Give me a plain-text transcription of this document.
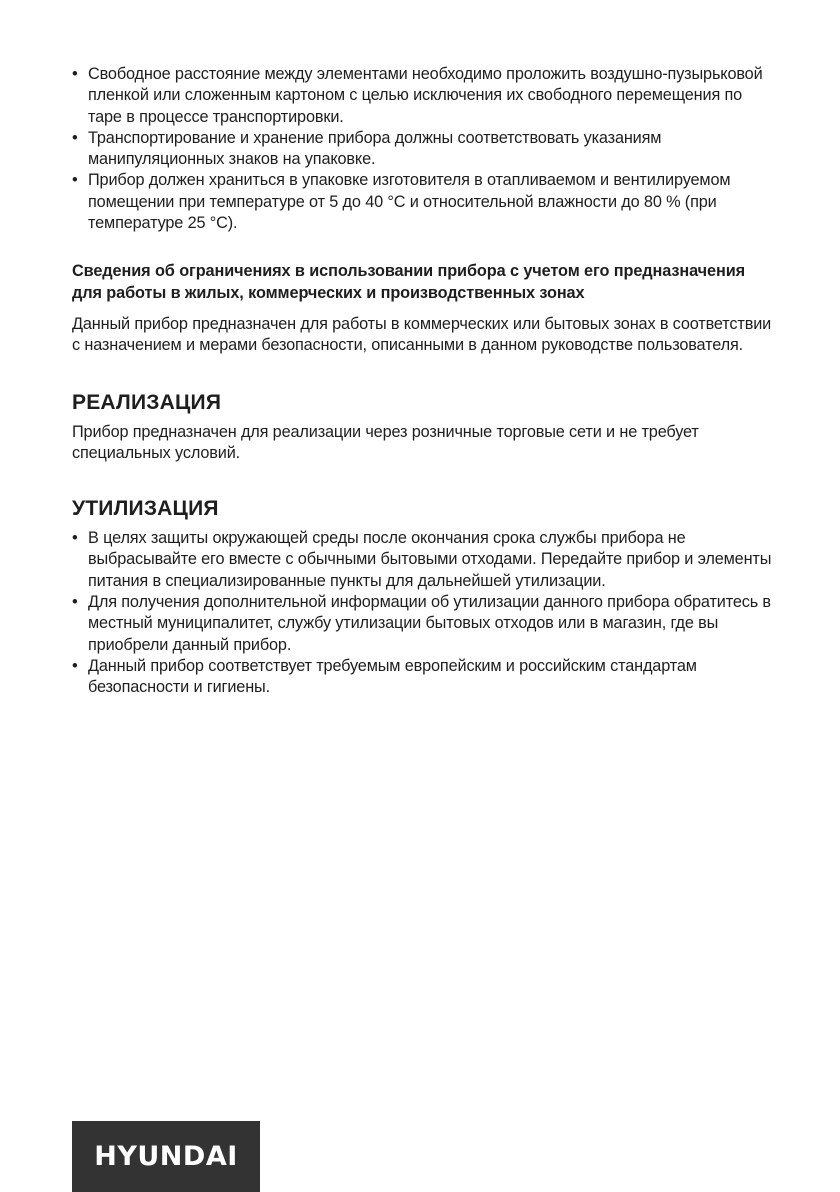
• Свободное расстояние между элементами необходимо проложить воздушно-пузырьковой пленкой или сложенным картоном с целью исключения их свободного перемещения по таре в процессе транспортировки.
• Транспортирование и хранение прибора должны соответствовать указаниям манипуляционных знаков на упаковке.
• Прибор должен храниться в упаковке изготовителя в отапливаемом и вентилируемом помещении при температуре от 5 до 40 °С и относительной влажности до 80 % (при температуре 25 °С).

Сведения об ограничениях в использовании прибора с учетом его предназначения для работы в жилых, коммерческих и производственных зонах

Данный прибор предназначен для работы в коммерческих или бытовых зонах в соответствии с назначением и мерами безопасности, описанными в данном руководстве пользователя.

РЕАЛИЗАЦИЯ

Прибор предназначен для реализации через розничные торговые сети и не требует специальных условий.

УТИЛИЗАЦИЯ
• В целях защиты окружающей среды после окончания срока службы прибора не выбрасывайте его вместе с обычными бытовыми отходами. Передайте прибор и элементы питания в специализированные пункты для дальнейшей утилизации.
• Для получения дополнительной информации об утилизации данного прибора обратитесь в местный муниципалитет, службу утилизации бытовых отходов или в магазин, где вы приобрели данный прибор.
• Данный прибор соответствует требуемым европейским и российским стандартам безопасности и гигиены.
HYUNDAI
